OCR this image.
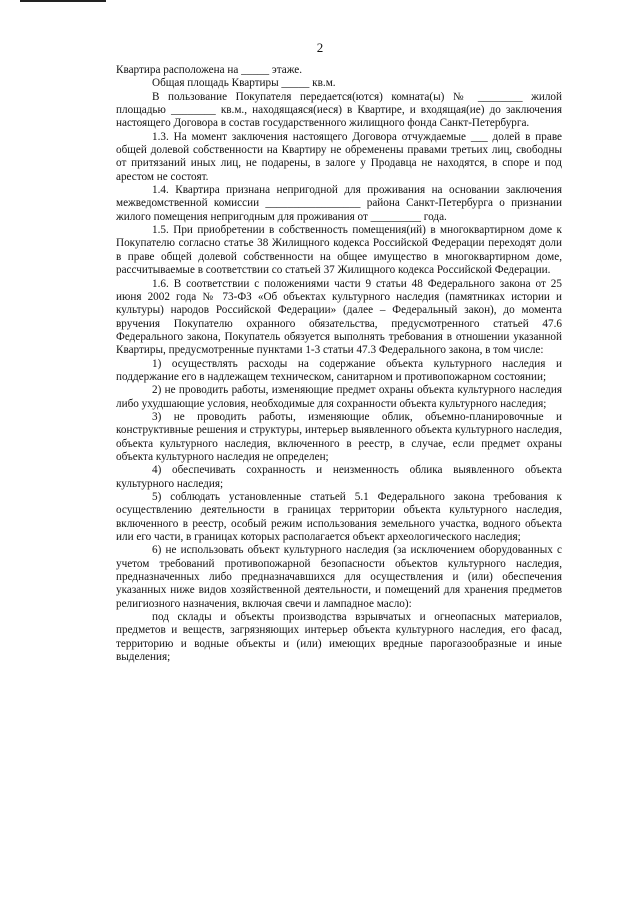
2

Квартира расположена на _____ этаже.

Общая площадь Квартиры _____ кв.м.

В пользование Покупателя передается(ются) комната(ы) № ________ жилой площадью ________ кв.м., находящаяся(иеся) в Квартире, и входящая(ие) до заключения настоящего Договора в состав государственного жилищного фонда Санкт-Петербурга.

1.3. На момент заключения настоящего Договора отчуждаемые ___ долей в праве общей долевой собственности на Квартиру не обременены правами третьих лиц, свободны от притязаний иных лиц, не подарены, в залоге у Продавца не находятся, в споре и под арестом не состоят.

1.4. Квартира признана непригодной для проживания на основании заключения межведомственной комиссии _________________ района Санкт-Петербурга о признании жилого помещения непригодным для проживания от _________ года.

1.5. При приобретении в собственность помещения(ий) в многоквартирном доме к Покупателю согласно статье 38 Жилищного кодекса Российской Федерации переходят доли в праве общей долевой собственности на общее имущество в многоквартирном доме, рассчитываемые в соответствии со статьей 37 Жилищного кодекса Российской Федерации.

1.6. В соответствии с положениями части 9 статьи 48 Федерального закона от 25 июня 2002 года № 73-ФЗ «Об объектах культурного наследия (памятниках истории и культуры) народов Российской Федерации» (далее – Федеральный закон), до момента вручения Покупателю охранного обязательства, предусмотренного статьей 47.6 Федерального закона, Покупатель обязуется выполнять требования в отношении указанной Квартиры, предусмотренные пунктами 1-3 статьи 47.3 Федерального закона, в том числе:

1) осуществлять расходы на содержание объекта культурного наследия и поддержание его в надлежащем техническом, санитарном и противопожарном состоянии;

2) не проводить работы, изменяющие предмет охраны объекта культурного наследия либо ухудшающие условия, необходимые для сохранности объекта культурного наследия;

3) не проводить работы, изменяющие облик, объемно-планировочные и конструктивные решения и структуры, интерьер выявленного объекта культурного наследия, объекта культурного наследия, включенного в реестр, в случае, если предмет охраны объекта культурного наследия не определен;

4) обеспечивать сохранность и неизменность облика выявленного объекта культурного наследия;

5) соблюдать установленные статьей 5.1 Федерального закона требования к осуществлению деятельности в границах территории объекта культурного наследия, включенного в реестр, особый режим использования земельного участка, водного объекта или его части, в границах которых располагается объект археологического наследия;

6) не использовать объект культурного наследия (за исключением оборудованных с учетом требований противопожарной безопасности объектов культурного наследия, предназначенных либо предназначавшихся для осуществления и (или) обеспечения указанных ниже видов хозяйственной деятельности, и помещений для хранения предметов религиозного назначения, включая свечи и лампадное масло):

под склады и объекты производства взрывчатых и огнеопасных материалов, предметов и веществ, загрязняющих интерьер объекта культурного наследия, его фасад, территорию и водные объекты и (или) имеющих вредные парогазообразные и иные выделения;
